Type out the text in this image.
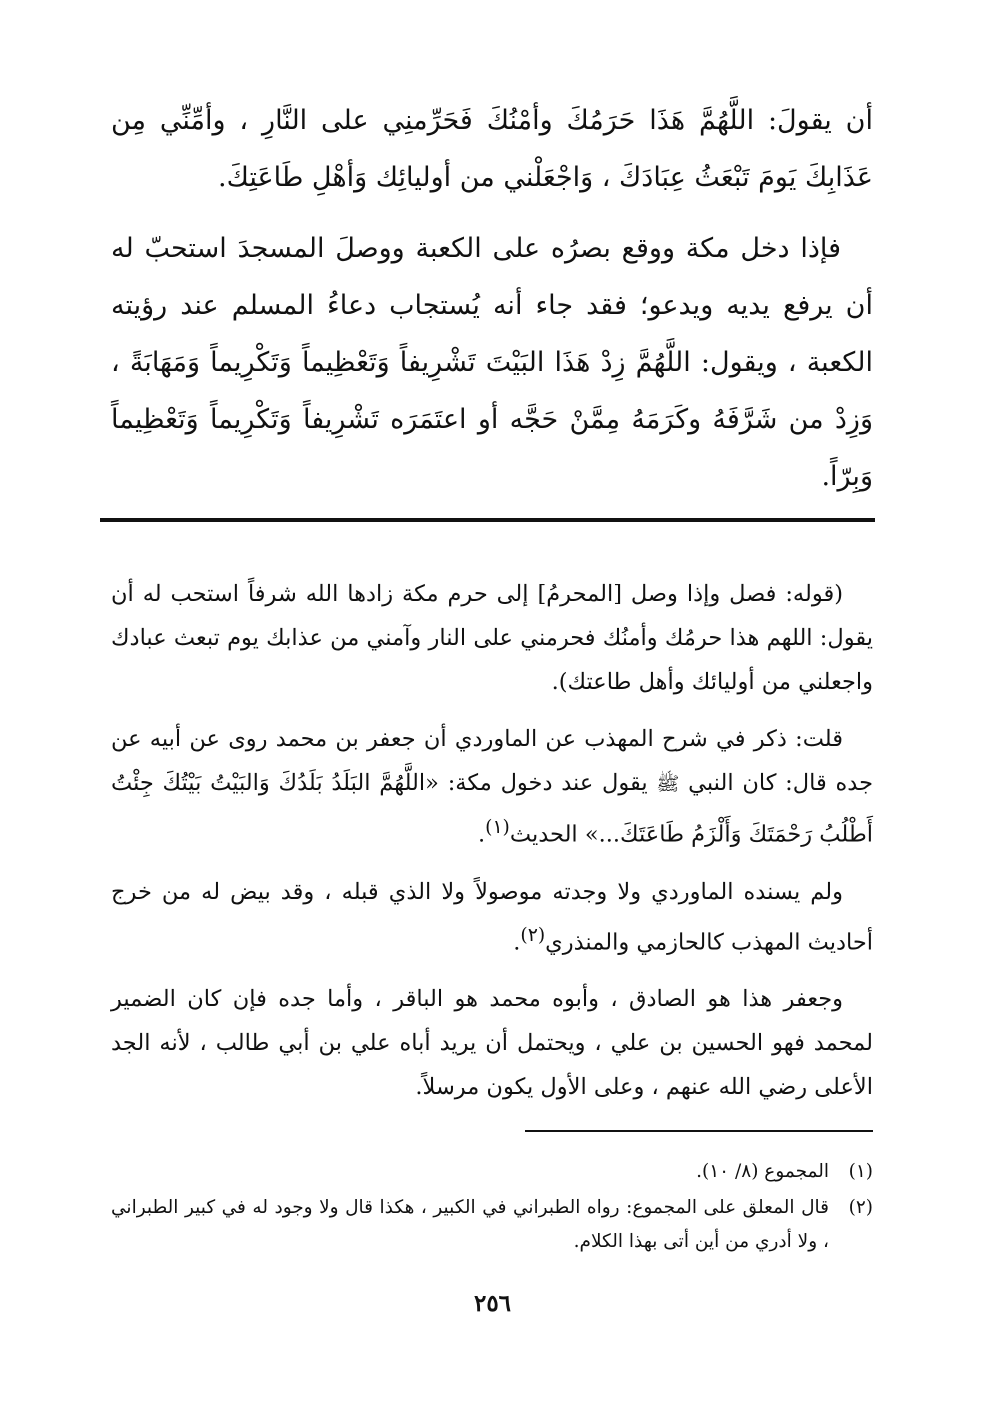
أن يقولَ: اللَّهُمَّ هَذَا حَرَمُكَ وأمْنُكَ فَحَرِّمنِي على النَّارِ ، وأمِّنِّي مِن عَذَابِكَ يَومَ تَبْعَثُ عِبَادَكَ ، وَاجْعَلْني من أوليائِك وَأهْلِ طَاعَتِكَ.

فإذا دخل مكة ووقع بصرُه على الكعبة ووصلَ المسجدَ استحبّ له أن يرفع يديه ويدعو؛ فقد جاء أنه يُستجاب دعاءُ المسلم عند رؤيته الكعبة ، ويقول: اللَّهُمَّ زِدْ هَذَا البَيْتَ تَشْرِيفاً وَتَعْظِيماً وَتَكْرِيماً وَمَهَابَةً ، وَزِدْ من شَرَّفَهُ وكَرَمَهُ مِمَّنْ حَجَّه أو اعتَمَرَه تَشْرِيفاً وَتَكْرِيماً وَتَعْظِيماً وَبِرّاً.

(قوله: فصل وإذا وصل [المحرمُ] إلى حرم مكة زادها الله شرفاً استحب له أن يقول: اللهم هذا حرمُك وأمنُك فحرمني على النار وآمني من عذابك يوم تبعث عبادك واجعلني من أوليائك وأهل طاعتك).

قلت: ذكر في شرح المهذب عن الماوردي أن جعفر بن محمد روى عن أبيه عن جده قال: كان النبي ﷺ يقول عند دخول مكة: «اللَّهُمَّ البَلَدُ بَلَدُكَ وَالبَيْتُ بَيْتُكَ جِئْتُ أَطْلُبُ رَحْمَتَكَ وَأَلْزَمُ طَاعَتَكَ...» الحديث$^{(١)}$.

ولم يسنده الماوردي ولا وجدته موصولاً ولا الذي قبله ، وقد بيض له من خرج أحاديث المهذب كالحازمي والمنذري$^{(٢)}$.

وجعفر هذا هو الصادق ، وأبوه محمد هو الباقر ، وأما جده فإن كان الضمير لمحمد فهو الحسين بن علي ، ويحتمل أن يريد أباه علي بن أبي طالب ، لأنه الجد الأعلى رضي الله عنهم ، وعلى الأول يكون مرسلاً.

(١)
المجموع (٨/ ١٠).
(٢)
قال المعلق على المجموع: رواه الطبراني في الكبير ، هكذا قال ولا وجود له في كبير الطبراني ، ولا أدري من أين أتى بهذا الكلام.
٢٥٦
